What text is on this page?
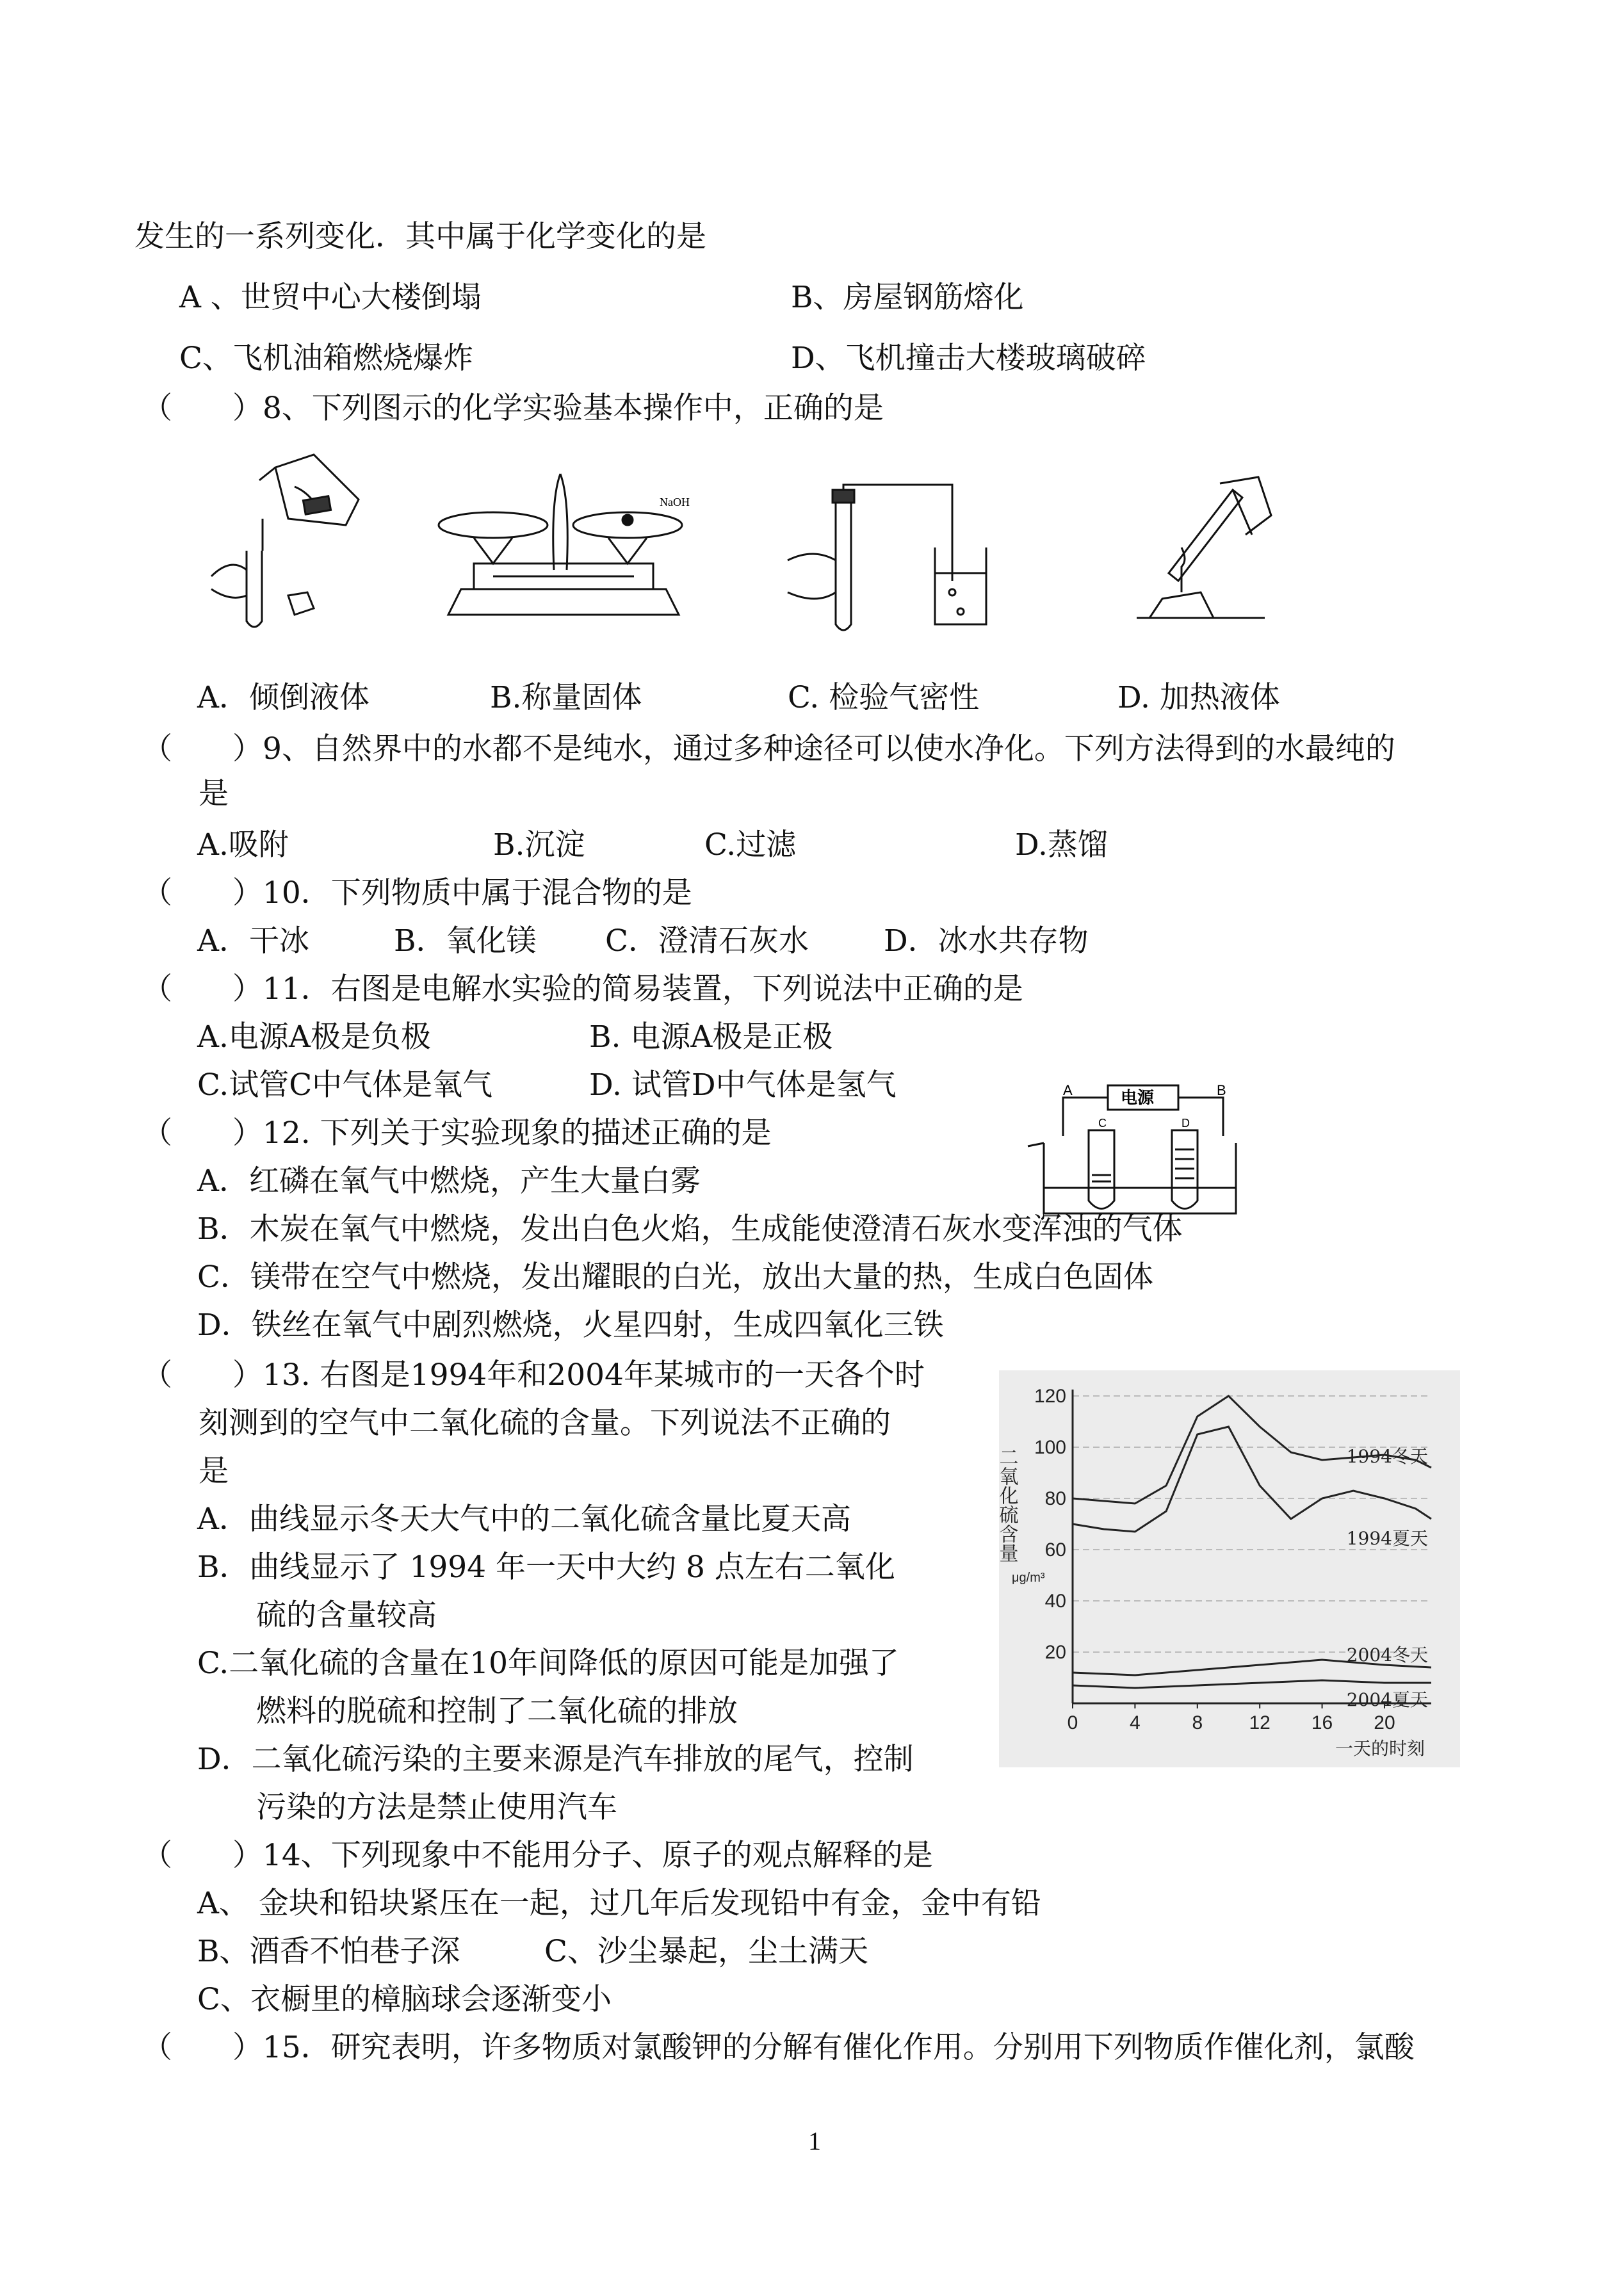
发生的一系列变化．其中属于化学变化的是
A 、世贸中心大楼倒塌	B、房屋钢筋熔化
C、飞机油箱燃烧爆炸	D、飞机撞击大楼玻璃破碎
（　　）8、下列图示的化学实验基本操作中，正确的是
NaOH
A．倾倒液体	B.称量固体	C. 检验气密性	D. 加热液体
（　　）9、自然界中的水都不是纯水，通过多种途径可以使水净化。下列方法得到的水最纯的
是
A.吸附	B.沉淀	C.过滤	D.蒸馏
（　　）10．下列物质中属于混合物的是
A．干冰	B．氧化镁 C．澄清石灰水 D．冰水共存物
（　　）11．右图是电解水实验的简易装置，下列说法中正确的是
A.电源A极是负极	B. 电源A极是正极
C.试管C中气体是氧气	D. 试管D中气体是氢气	A	B
电源
C	D
（　　）12. 下列关于实验现象的描述正确的是
A．红磷在氧气中燃烧，产生大量白雾
B．木炭在氧气中燃烧，发出白色火焰，生成能使澄清石灰水变浑浊的气体
C．镁带在空气中燃烧，发出耀眼的白光，放出大量的热，生成白色固体
D．铁丝在氧气中剧烈燃烧，火星四射，生成四氧化三铁
（　　）13. 右图是1994年和2004年某城市的一天各个时
刻测到的空气中二氧化硫的含量。下列说法不正确的
是
A．曲线显示冬天大气中的二氧化硫含量比夏天高
B．曲线显示了 1994 年一天中大约 8 点左右二氧化
硫的含量较高
C.二氧化硫的含量在10年间降低的原因可能是加强了
燃料的脱硫和控制了二氧化硫的排放
D．二氧化硫污染的主要来源是汽车排放的尾气，控制
污染的方法是禁止使用汽车
20
40
60
80
100
120
0	4	8 12 16 20
二氧化硫含量
μg/m³
一天的时刻
1994冬天
1994夏天
2004冬天
2004夏天
（　　）14、下列现象中不能用分子、原子的观点解释的是
A、 金块和铅块紧压在一起，过几年后发现铅中有金，金中有铅
B、酒香不怕巷子深	C、沙尘暴起，尘土满天
C、衣橱里的樟脑球会逐渐变小
（　　）15．研究表明，许多物质对氯酸钾的分解有催化作用。分别用下列物质作催化剂，氯酸
1
